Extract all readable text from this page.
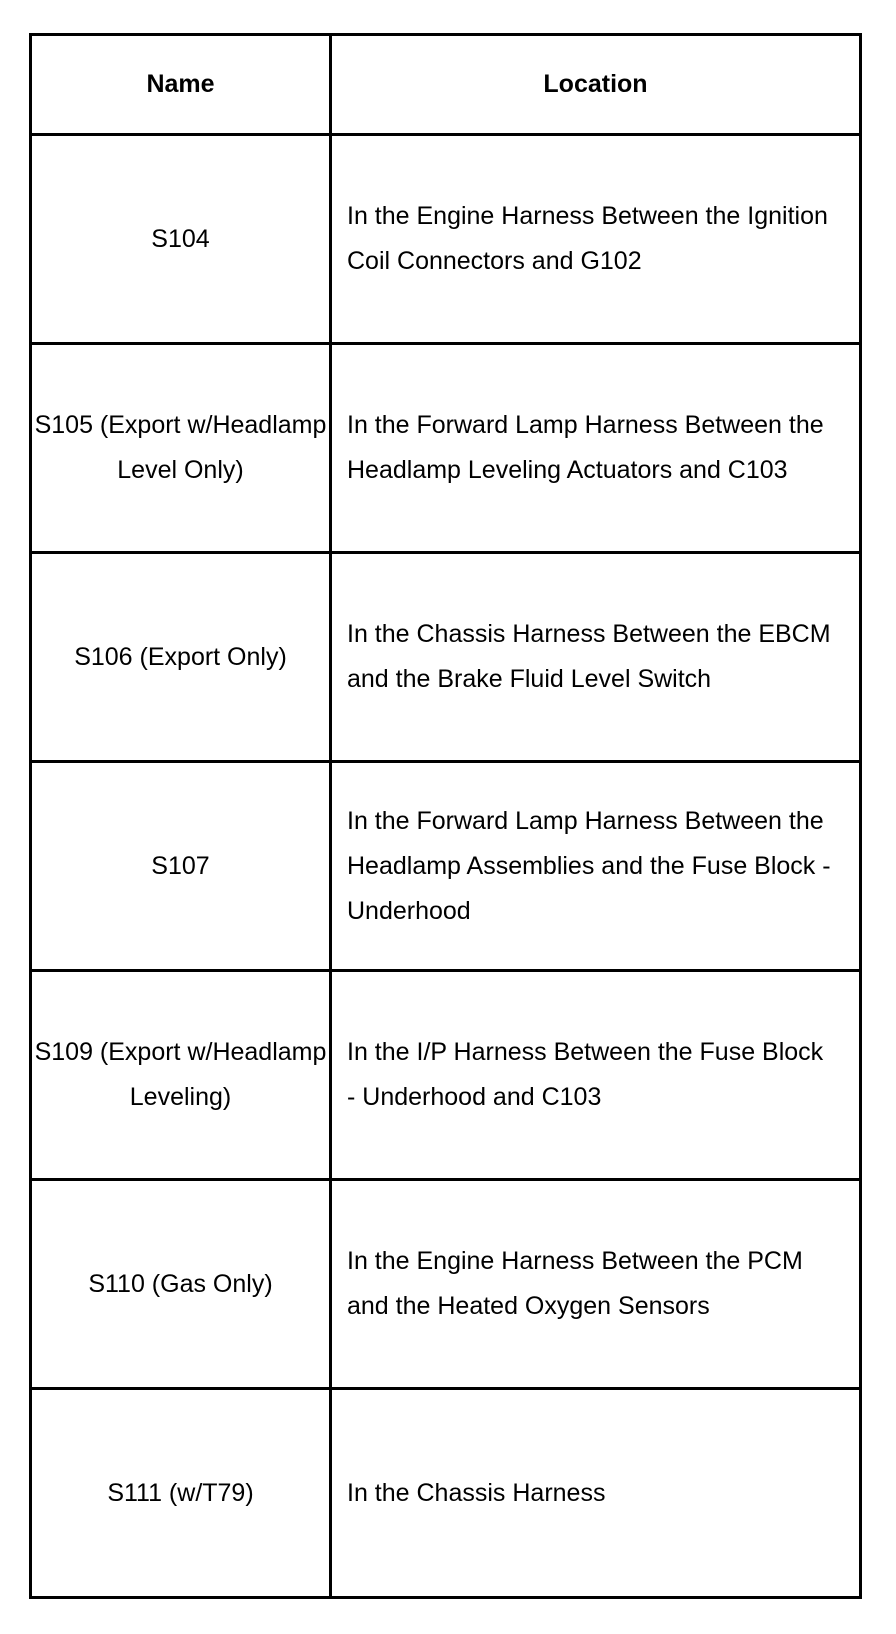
Name	Location
S104	In the Engine Harness Between the Ignition Coil Connectors and G102
S105 (Export w/Headlamp Level Only)	In the Forward Lamp Harness Between the Headlamp Leveling Actuators and C103
S106 (Export Only)	In the Chassis Harness Between the EBCM and the Brake Fluid Level Switch
S107	In the Forward Lamp Harness Between the Headlamp Assemblies and the Fuse Block - Underhood
S109 (Export w/Headlamp Leveling)	In the I/P Harness Between the Fuse Block - Underhood and C103
S110 (Gas Only)	In the Engine Harness Between the PCM and the Heated Oxygen Sensors
S111 (w/T79)	In the Chassis Harness
